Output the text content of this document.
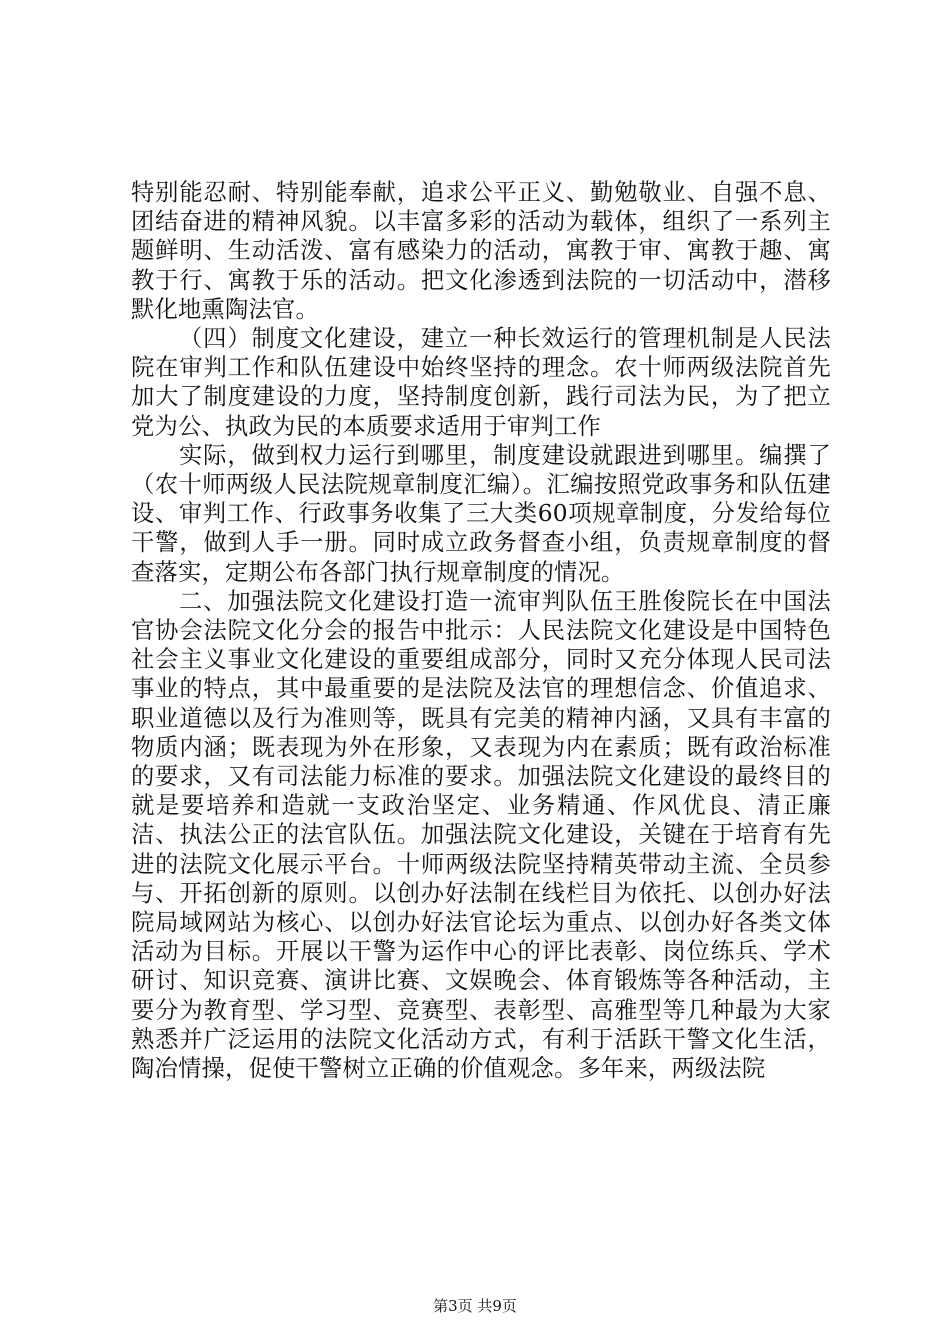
特别能忍耐、特别能奉献，追求公平正义、勤勉敬业、自强不息、团结奋进的精神风貌。以丰富多彩的活动为载体，组织了一系列主题鲜明、生动活泼、富有感染力的活动，寓教于审、寓教于趣、寓教于行、寓教于乐的活动。把文化渗透到法院的一切活动中，潜移默化地熏陶法官。

（四）制度文化建设，建立一种长效运行的管理机制是人民法院在审判工作和队伍建设中始终坚持的理念。农十师两级法院首先加大了制度建设的力度，坚持制度创新，践行司法为民，为了把立党为公、执政为民的本质要求适用于审判工作

实际，做到权力运行到哪里，制度建设就跟进到哪里。编撰了（农十师两级人民法院规章制度汇编）。汇编按照党政事务和队伍建设、审判工作、行政事务收集了三大类60项规章制度，分发给每位干警，做到人手一册。同时成立政务督查小组，负责规章制度的督查落实，定期公布各部门执行规章制度的情况。

二、加强法院文化建设打造一流审判队伍王胜俊院长在中国法官协会法院文化分会的报告中批示：人民法院文化建设是中国特色社会主义事业文化建设的重要组成部分，同时又充分体现人民司法事业的特点，其中最重要的是法院及法官的理想信念、价值追求、职业道德以及行为准则等，既具有完美的精神内涵，又具有丰富的物质内涵；既表现为外在形象，又表现为内在素质；既有政治标准的要求，又有司法能力标准的要求。加强法院文化建设的最终目的就是要培养和造就一支政治坚定、业务精通、作风优良、清正廉洁、执法公正的法官队伍。加强法院文化建设，关键在于培育有先进的法院文化展示平台。十师两级法院坚持精英带动主流、全员参与、开拓创新的原则。以创办好法制在线栏目为依托、以创办好法院局域网站为核心、以创办好法官论坛为重点、以创办好各类文体活动为目标。开展以干警为运作中心的评比表彰、岗位练兵、学术研讨、知识竞赛、演讲比赛、文娱晚会、体育锻炼等各种活动，主要分为教育型、学习型、竞赛型、表彰型、高雅型等几种最为大家熟悉并广泛运用的法院文化活动方式，有利于活跃干警文化生活，陶冶情操，促使干警树立正确的价值观念。多年来，两级法院

第3页 共9页
